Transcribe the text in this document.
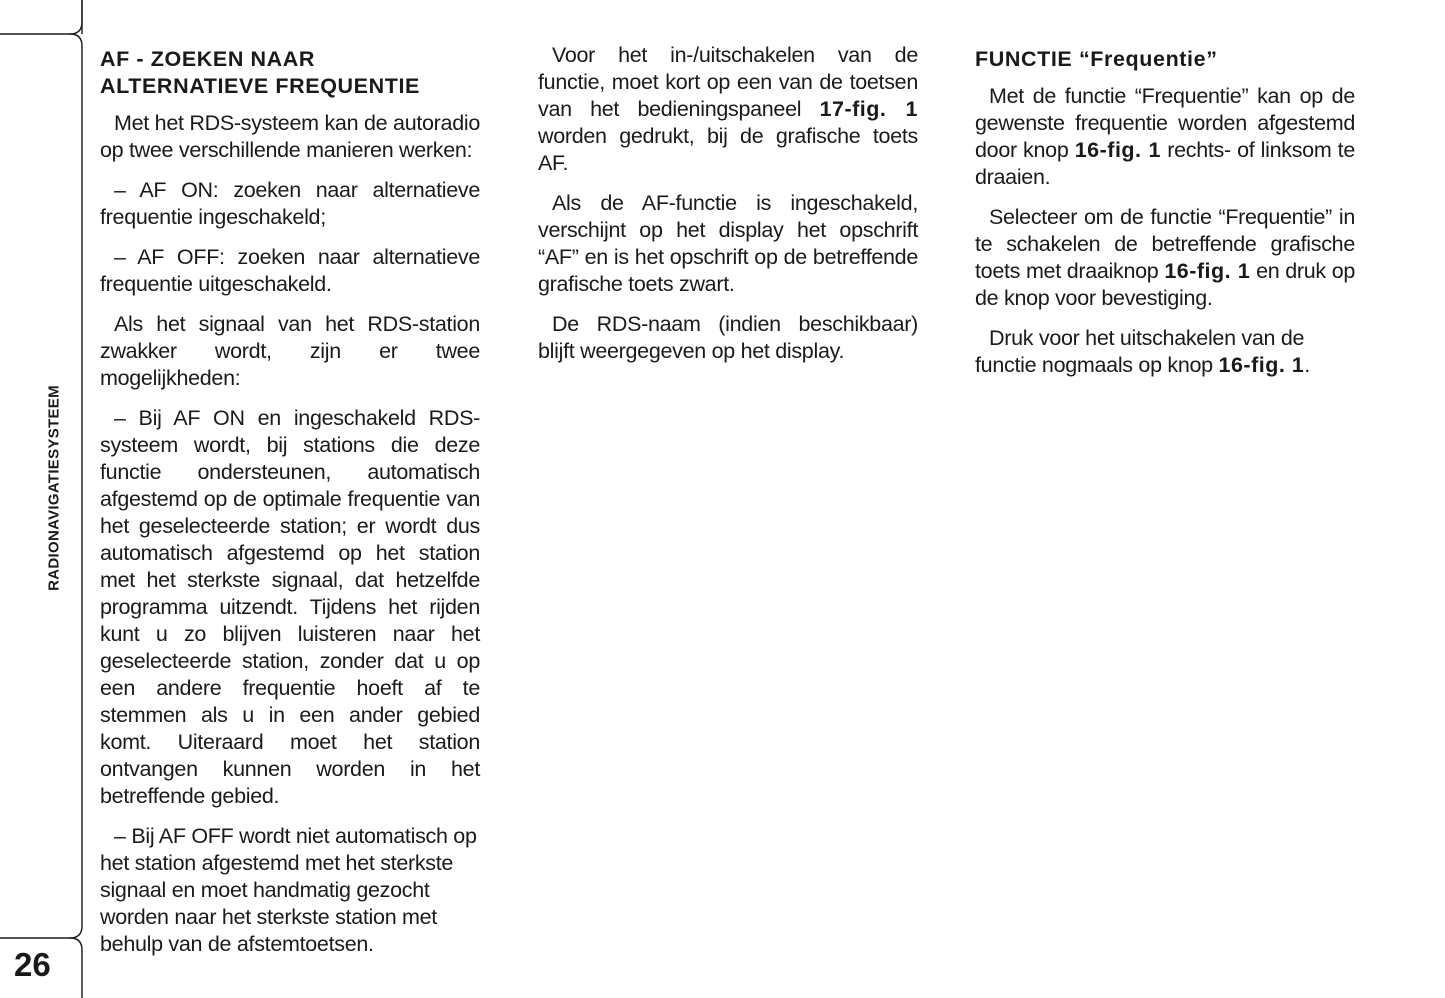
RADIONAVIGATIESYSTEEM
26
AF - ZOEKEN NAAR
ALTERNATIEVE FREQUENTIE

Met het RDS-systeem kan de autoradio op twee verschillende manieren werken:

– AF ON: zoeken naar alternatieve frequentie ingeschakeld;

– AF OFF: zoeken naar alternatieve frequentie uitgeschakeld.

Als het signaal van het RDS-station zwakker wordt, zijn er twee mogelijkheden:

– Bij AF ON en ingeschakeld RDS-systeem wordt, bij stations die deze functie ondersteunen, automatisch afgestemd op de optimale frequentie van het geselecteerde station; er wordt dus automatisch afgestemd op het station met het sterkste signaal, dat hetzelfde programma uitzendt. Tijdens het rijden kunt u zo blijven luisteren naar het geselecteerde station, zonder dat u op een andere frequentie hoeft af te stemmen als u in een ander gebied komt. Uiteraard moet het station ontvangen kunnen worden in het betreffende gebied.

– Bij AF OFF wordt niet automatisch op het station afgestemd met het sterkste signaal en moet handmatig gezocht worden naar het sterkste station met behulp van de afstemtoetsen.

Voor het in-/uitschakelen van de functie, moet kort op een van de toetsen van het bedieningspaneel 17-fig. 1 worden gedrukt, bij de grafische toets AF.

Als de AF-functie is ingeschakeld, verschijnt op het display het opschrift “AF” en is het opschrift op de betreffende grafische toets zwart.

De RDS-naam (indien beschikbaar) blijft weergegeven op het display.

FUNCTIE “Frequentie”

Met de functie “Frequentie” kan op de gewenste frequentie worden afgestemd door knop 16-fig. 1 rechts- of linksom te draaien.

Selecteer om de functie “Frequentie” in te schakelen de betreffende grafische toets met draaiknop 16-fig. 1 en druk op de knop voor bevestiging.

Druk voor het uitschakelen van de functie nogmaals op knop 16-fig. 1.
